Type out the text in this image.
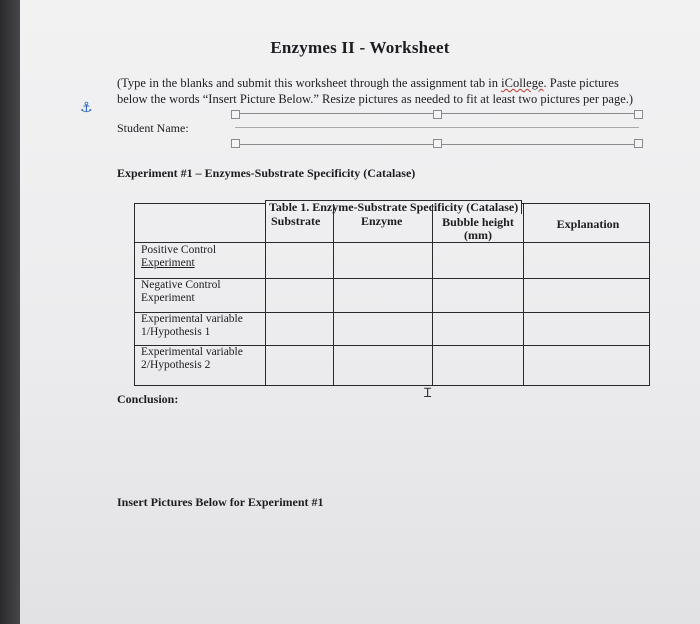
Enzymes II - Worksheet
(Type in the blanks and submit this worksheet through the assignment tab in iCollege. Paste pictures
below the words “Insert Picture Below.” Resize pictures as needed to fit at least two pictures per page.)
⚓︎
Student Name:
Experiment #1 – Enzymes-Substrate Specificity (Catalase)
Table 1. Enzyme-Substrate Specificity (Catalase)
Substrate	Enzyme	Bubble height
(mm)
Explanation
Positive Control
Experiment
Negative Control
Experiment
Experimental variable
1/Hypothesis 1
Experimental variable
2/Hypothesis 2
Ɪ
Conclusion:
Insert Pictures Below for Experiment #1
